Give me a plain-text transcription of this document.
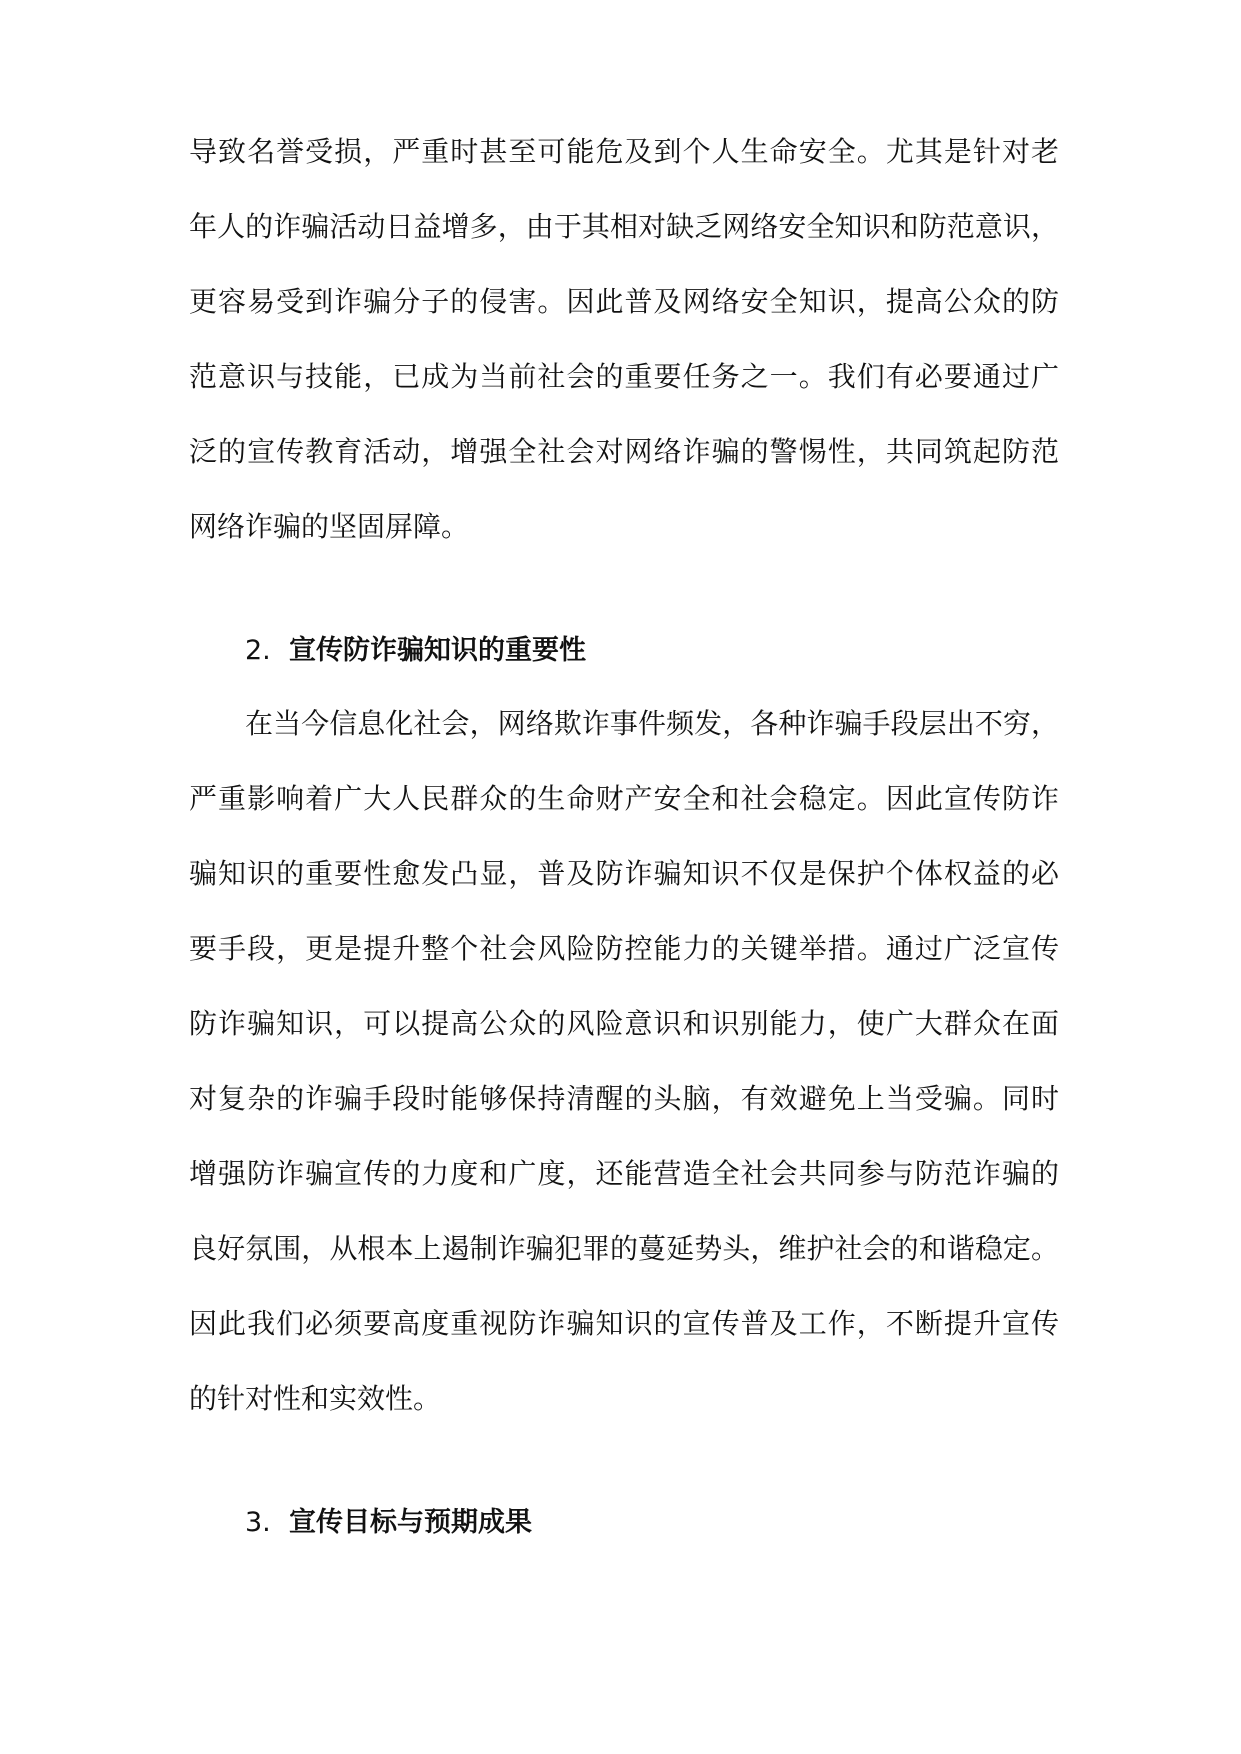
导致名誉受损，严重时甚至可能危及到个人生命安全。尤其是针对老
年人的诈骗活动日益增多，由于其相对缺乏网络安全知识和防范意识，
更容易受到诈骗分子的侵害。因此普及网络安全知识，提高公众的防
范意识与技能，已成为当前社会的重要任务之一。我们有必要通过广
泛的宣传教育活动，增强全社会对网络诈骗的警惕性，共同筑起防范
网络诈骗的坚固屏障。
2. 宣传防诈骗知识的重要性
在当今信息化社会，网络欺诈事件频发，各种诈骗手段层出不穷，
严重影响着广大人民群众的生命财产安全和社会稳定。因此宣传防诈
骗知识的重要性愈发凸显，普及防诈骗知识不仅是保护个体权益的必
要手段，更是提升整个社会风险防控能力的关键举措。通过广泛宣传
防诈骗知识，可以提高公众的风险意识和识别能力，使广大群众在面
对复杂的诈骗手段时能够保持清醒的头脑，有效避免上当受骗。同时
增强防诈骗宣传的力度和广度，还能营造全社会共同参与防范诈骗的
良好氛围，从根本上遏制诈骗犯罪的蔓延势头，维护社会的和谐稳定。
因此我们必须要高度重视防诈骗知识的宣传普及工作，不断提升宣传
的针对性和实效性。
3. 宣传目标与预期成果
